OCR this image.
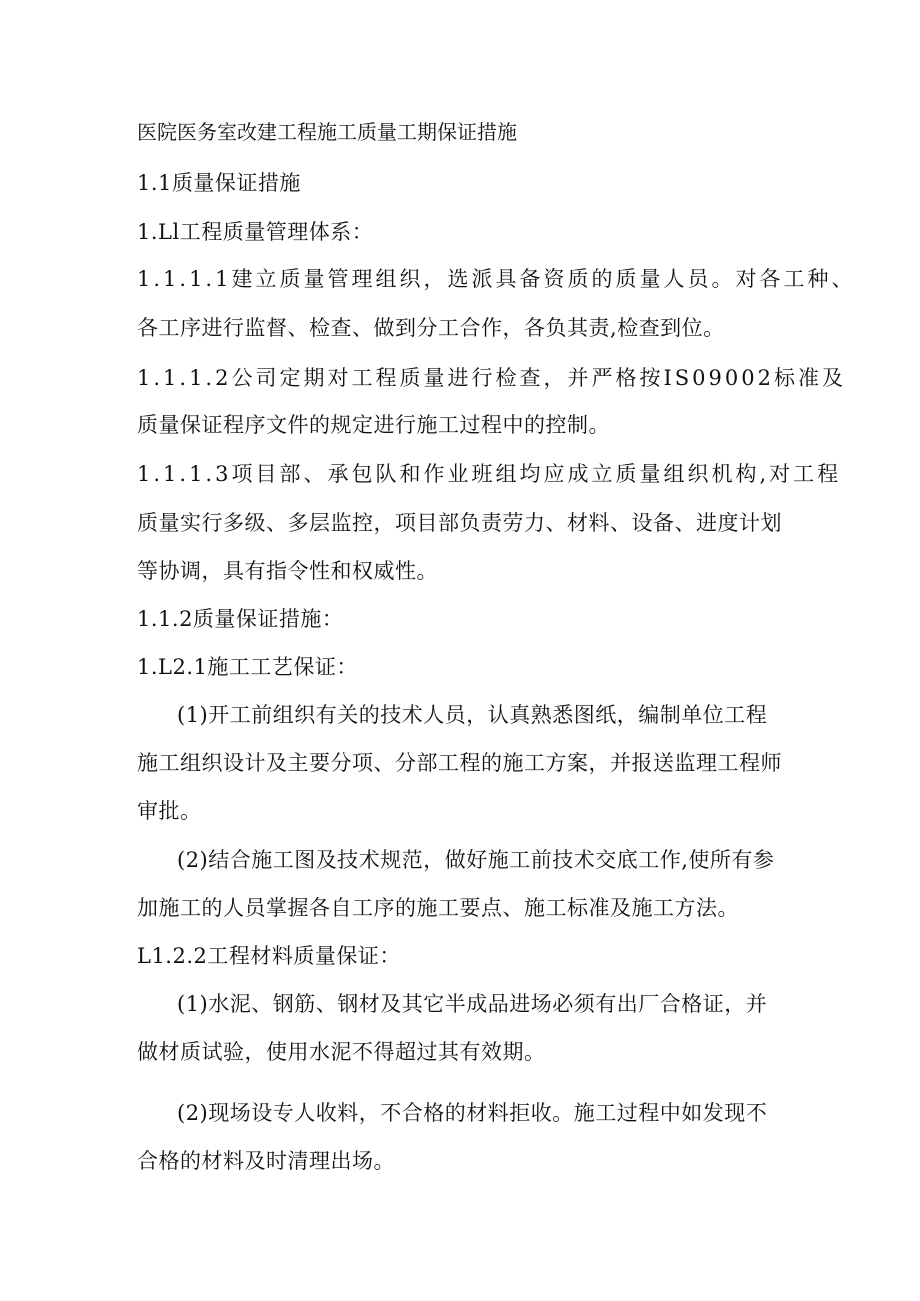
医院医务室改建工程施工质量工期保证措施
1.1质量保证措施
1.Ll工程质量管理体系：
1.1.1.1建立质量管理组织，选派具备资质的质量人员。对各工种、
各工序进行监督、检查、做到分工合作，各负其责,检查到位。
1.1.1.2公司定期对工程质量进行检查，并严格按IS09002标准及
质量保证程序文件的规定进行施工过程中的控制。
1.1.1.3项目部、承包队和作业班组均应成立质量组织机构,对工程
质量实行多级、多层监控，项目部负责劳力、材料、设备、进度计划
等协调，具有指令性和权威性。
1.1.2质量保证措施：
1.L2.1施工工艺保证：
(1)开工前组织有关的技术人员，认真熟悉图纸，编制单位工程
施工组织设计及主要分项、分部工程的施工方案，并报送监理工程师
审批。
(2)结合施工图及技术规范，做好施工前技术交底工作,使所有参
加施工的人员掌握各自工序的施工要点、施工标准及施工方法。
L1.2.2工程材料质量保证：
(1)水泥、钢筋、钢材及其它半成品进场必须有出厂合格证，并
做材质试验，使用水泥不得超过其有效期。
(2)现场设专人收料，不合格的材料拒收。施工过程中如发现不
合格的材料及时清理出场。
